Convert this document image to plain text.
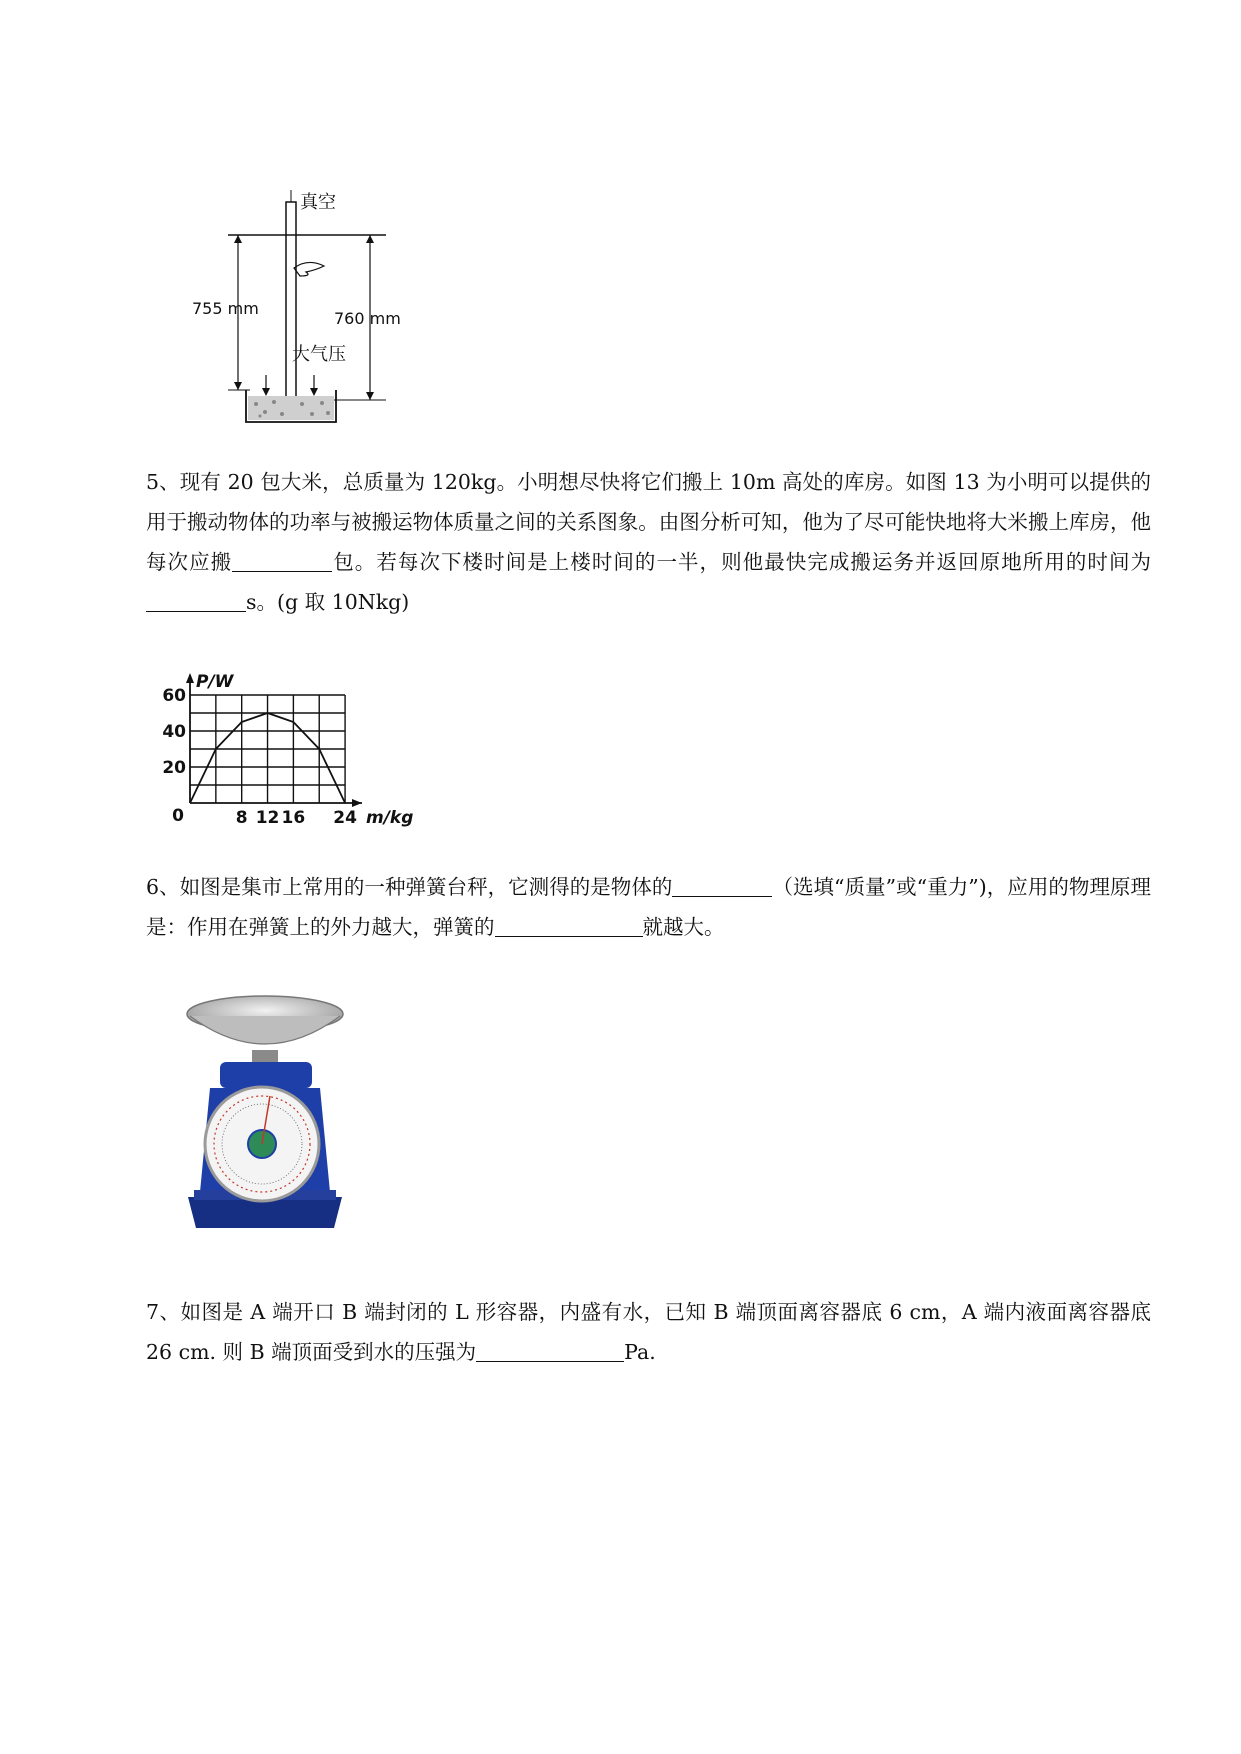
真空
755 mm
760 mm
大气压

5、现有 20 包大米，总质量为 120kg。小明想尽快将它们搬上 10m 高处的库房。如图 13 为小明可以提供的用于搬动物体的功率与被搬运物体质量之间的关系图象。由图分析可知，他为了尽可能快地将大米搬上库房，他每次应搬	包。若每次下楼时间是上楼时间的一半，则他最快完成搬运务并返回原地所用的时间为s。(g 取 10Nkg)

60
40
20
0	8 12 16 24
P/W
m/kg

6、如图是集市上常用的一种弹簧台秤，它测得的是物体的	（选填“质量”或“重力”)，应用的物理原理是：作用在弹簧上的外力越大，弹簧的	就越大。

7、如图是 A 端开口 B 端封闭的 L 形容器，内盛有水，已知 B 端顶面离容器底 6 cm，A 端内液面离容器底 26 cm. 则 B 端顶面受到水的压强为	Pa.
